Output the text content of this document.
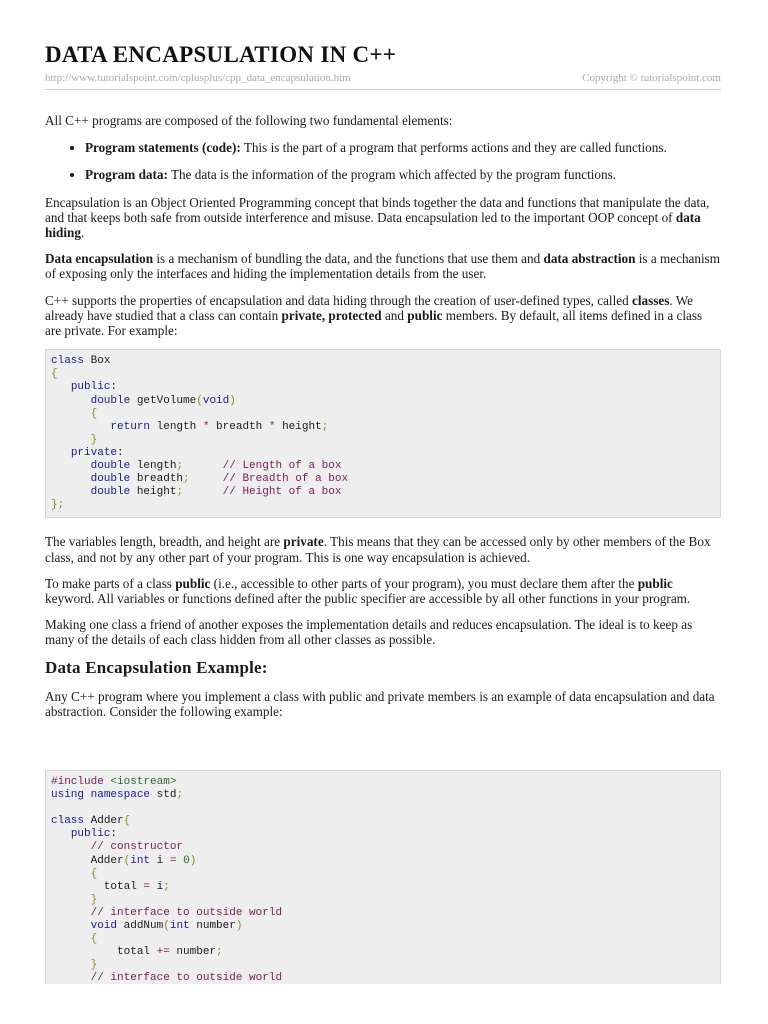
DATA ENCAPSULATION IN C++
http://www.tutorialspoint.com/cplusplus/cpp_data_encapsulation.htm	Copyright © tutorialspoint.com

All C++ programs are composed of the following two fundamental elements:

Program statements (code): This is the part of a program that performs actions and they are called functions.
Program data: The data is the information of the program which affected by the program functions.

Encapsulation is an Object Oriented Programming concept that binds together the data and functions that manipulate the data, and that keeps both safe from outside interference and misuse. Data encapsulation led to the important OOP concept of data hiding.

Data encapsulation is a mechanism of bundling the data, and the functions that use them and data abstraction is a mechanism of exposing only the interfaces and hiding the implementation details from the user.

C++ supports the properties of encapsulation and data hiding through the creation of user-defined types, called classes. We already have studied that a class can contain private, protected and public members. By default, all items defined in a class are private. For example:

class Box
{
public:
double getVolume(void)
{
return length * breadth * height;
}
private:
double length;	// Length of a box
double breadth;	// Breadth of a box
double height;	// Height of a box
};

The variables length, breadth, and height are private. This means that they can be accessed only by other members of the Box class, and not by any other part of your program. This is one way encapsulation is achieved.

To make parts of a class public (i.e., accessible to other parts of your program), you must declare them after the public keyword. All variables or functions defined after the public specifier are accessible by all other functions in your program.

Making one class a friend of another exposes the implementation details and reduces encapsulation. The ideal is to keep as many of the details of each class hidden from all other classes as possible.

Data Encapsulation Example:

Any C++ program where you implement a class with public and private members is an example of data encapsulation and data abstraction. Consider the following example:

#include <iostream>
using namespace std;
class Adder{
public:
// constructor
Adder(int i = 0)
{
total = i;
}
// interface to outside world
void addNum(int number)
{
total += number;
}
// interface to outside world
